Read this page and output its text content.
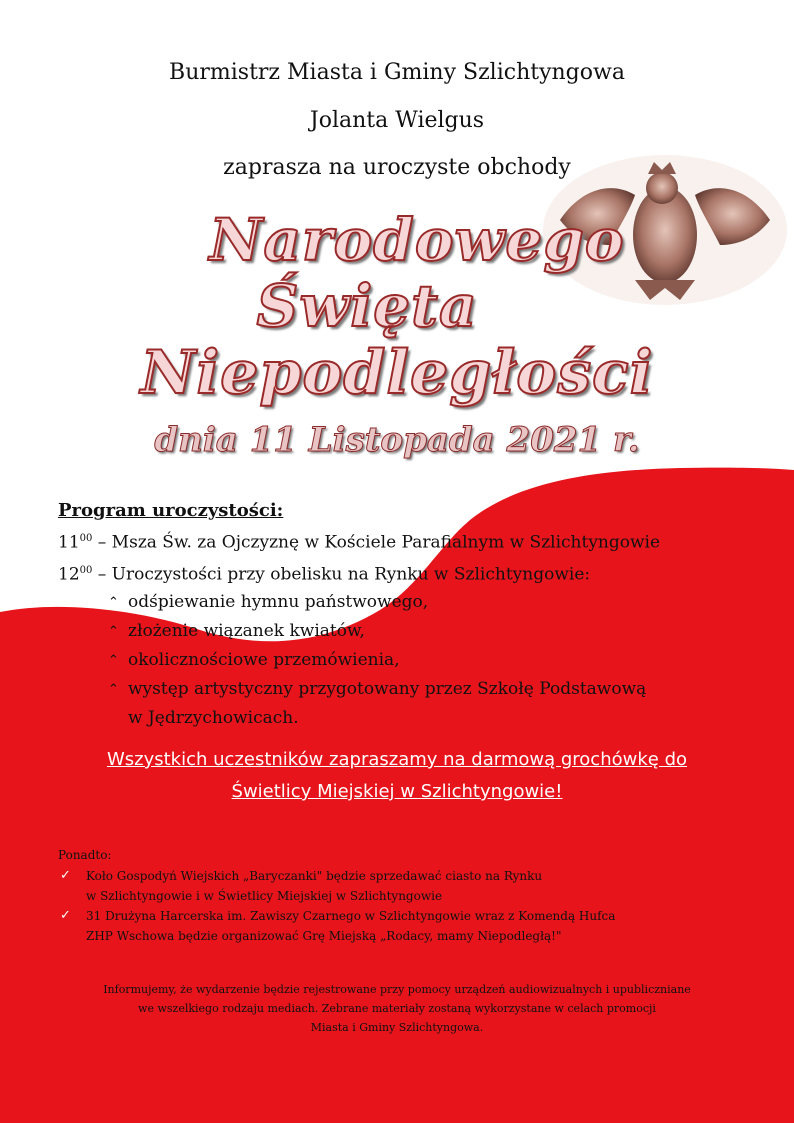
Burmistrz Miasta i Gminy Szlichtyngowa
Jolanta Wielgus
zaprasza na uroczyste obchody
Narodowego
Święta
Niepodległości
dnia 11 Listopada 2021 r.
Program uroczystości:
$11^{00}$ – Msza Św. za Ojczyznę w Kościele Parafialnym w Szlichtyngowie
$12^{00}$ – Uroczystości przy obelisku na Rynku w Szlichtyngowie:
⌃ odśpiewanie hymnu państwowego,
⌃ złożenie wiązanek kwiatów,
⌃ okolicznościowe przemówienia,
⌃ występ artystyczny przygotowany przez Szkołę Podstawową
w Jędrzychowicach.
Wszystkich uczestników zapraszamy na darmową grochówkę do
Świetlicy Miejskiej w Szlichtyngowie!
Ponadto:
✓ Koło Gospodyń Wiejskich „Baryczanki" będzie sprzedawać ciasto na Rynku
w Szlichtyngowie i w Świetlicy Miejskiej w Szlichtyngowie
✓ 31 Drużyna Harcerska im. Zawiszy Czarnego w Szlichtyngowie wraz z Komendą Hufca
ZHP Wschowa będzie organizować Grę Miejską „Rodacy, mamy Niepodległą!"
Informujemy, że wydarzenie będzie rejestrowane przy pomocy urządzeń audiowizualnych i upubliczniane
we wszelkiego rodzaju mediach. Zebrane materiały zostaną wykorzystane w celach promocji
Miasta i Gminy Szlichtyngowa.
